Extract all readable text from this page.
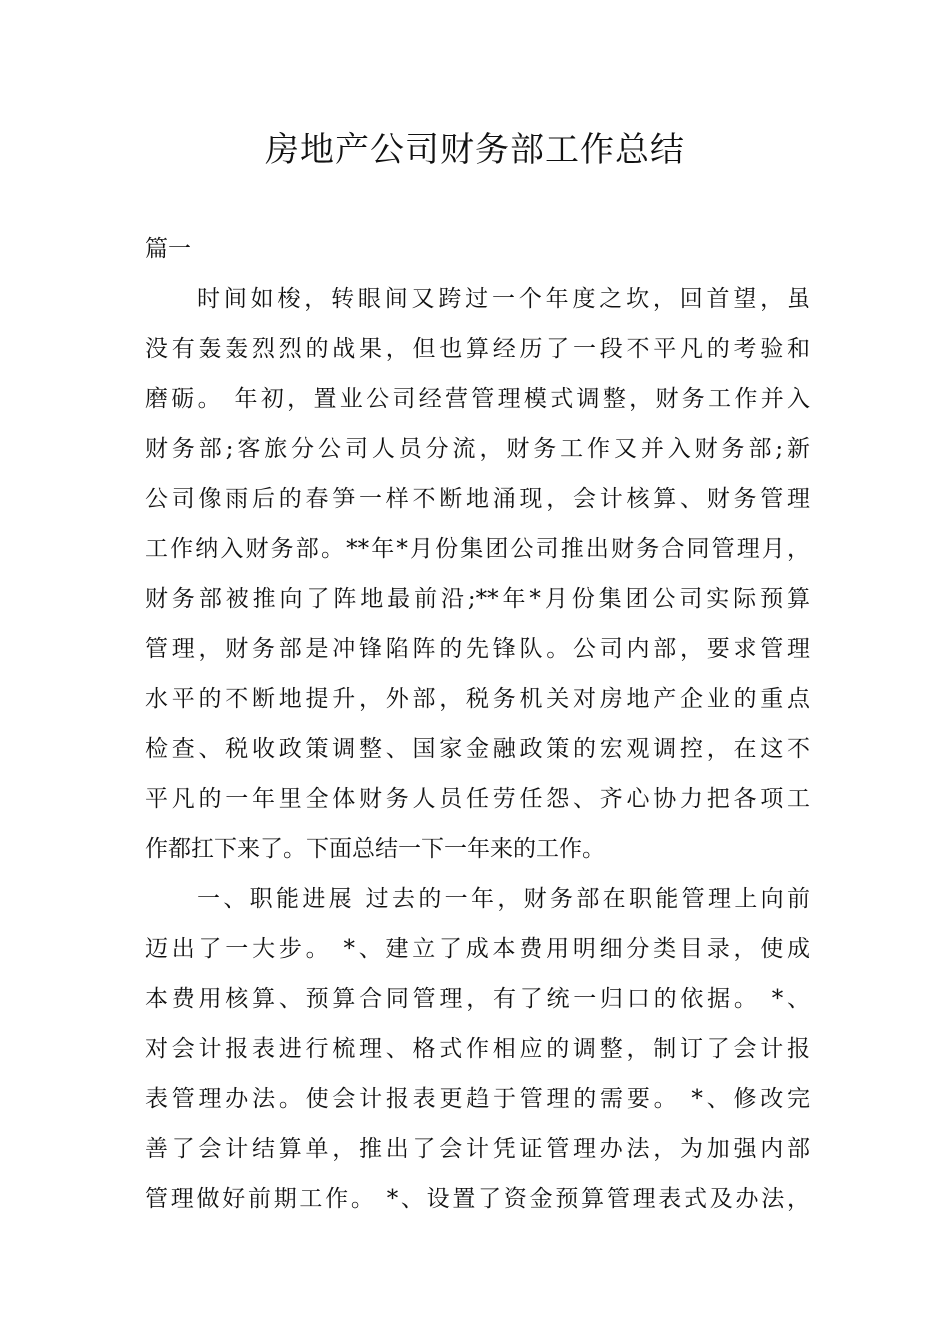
房地产公司财务部工作总结
篇一
时间如梭，转眼间又跨过一个年度之坎，回首望，虽
没有轰轰烈烈的战果，但也算经历了一段不平凡的考验和
磨砺。 年初，置业公司经营管理模式调整，财务工作并入
财务部;客旅分公司人员分流，财务工作又并入财务部;新
公司像雨后的春笋一样不断地涌现，会计核算、财务管理
工作纳入财务部。**年*月份集团公司推出财务合同管理月，
财务部被推向了阵地最前沿;**年*月份集团公司实际预算
管理，财务部是冲锋陷阵的先锋队。公司内部，要求管理
水平的不断地提升，外部，税务机关对房地产企业的重点
检查、税收政策调整、国家金融政策的宏观调控，在这不
平凡的一年里全体财务人员任劳任怨、齐心协力把各项工
作都扛下来了。下面总结一下一年来的工作。
一、职能进展 过去的一年，财务部在职能管理上向前
迈出了一大步。 *、建立了成本费用明细分类目录，使成
本费用核算、预算合同管理，有了统一归口的依据。 *、
对会计报表进行梳理、格式作相应的调整，制订了会计报
表管理办法。使会计报表更趋于管理的需要。 *、修改完
善了会计结算单，推出了会计凭证管理办法，为加强内部
管理做好前期工作。 *、设置了资金预算管理表式及办法，
